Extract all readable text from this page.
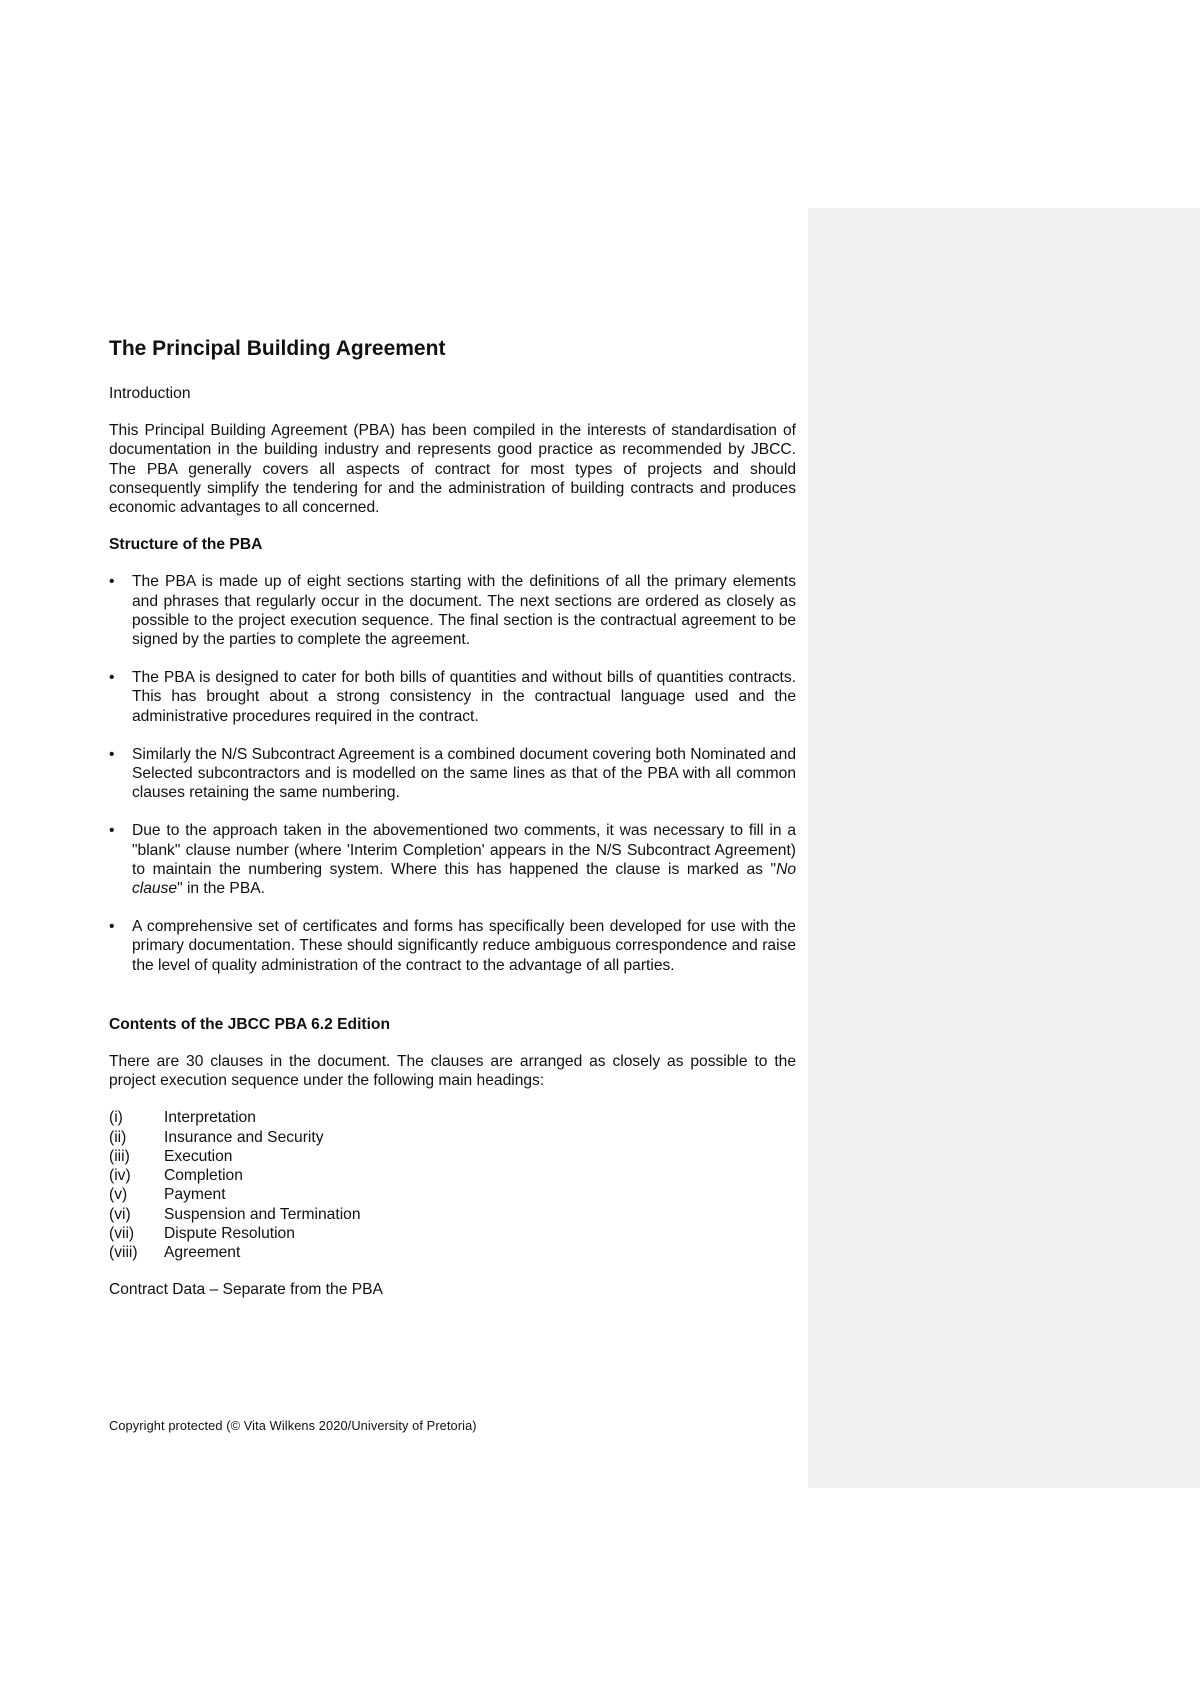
The Principal Building Agreement
Introduction

This Principal Building Agreement (PBA) has been compiled in the interests of standardisation of documentation in the building industry and represents good practice as recommended by JBCC. The PBA generally covers all aspects of contract for most types of projects and should consequently simplify the tendering for and the administration of building contracts and produces economic advantages to all concerned.

Structure of the PBA
• The PBA is made up of eight sections starting with the definitions of all the primary elements and phrases that regularly occur in the document. The next sections are ordered as closely as possible to the project execution sequence. The final section is the contractual agreement to be signed by the parties to complete the agreement.
• The PBA is designed to cater for both bills of quantities and without bills of quantities contracts. This has brought about a strong consistency in the contractual language used and the administrative procedures required in the contract.
• Similarly the N/S Subcontract Agreement is a combined document covering both Nominated and Selected subcontractors and is modelled on the same lines as that of the PBA with all common clauses retaining the same numbering.
• Due to the approach taken in the abovementioned two comments, it was necessary to fill in a "blank" clause number (where 'Interim Completion' appears in the N/S Subcontract Agreement) to maintain the numbering system. Where this has happened the clause is marked as "No clause" in the PBA.
• A comprehensive set of certificates and forms has specifically been developed for use with the primary documentation. These should significantly reduce ambiguous correspondence and raise the level of quality administration of the contract to the advantage of all parties.
Contents of the JBCC PBA 6.2 Edition

There are 30 clauses in the document. The clauses are arranged as closely as possible to the project execution sequence under the following main headings:

(i)	Interpretation
(ii)	Insurance and Security
(iii)	Execution
(iv)	Completion
(v)	Payment
(vi)	Suspension and Termination
(vii)	Dispute Resolution
(viii)	Agreement

Contract Data – Separate from the PBA

Copyright protected (© Vita Wilkens 2020/University of Pretoria)
